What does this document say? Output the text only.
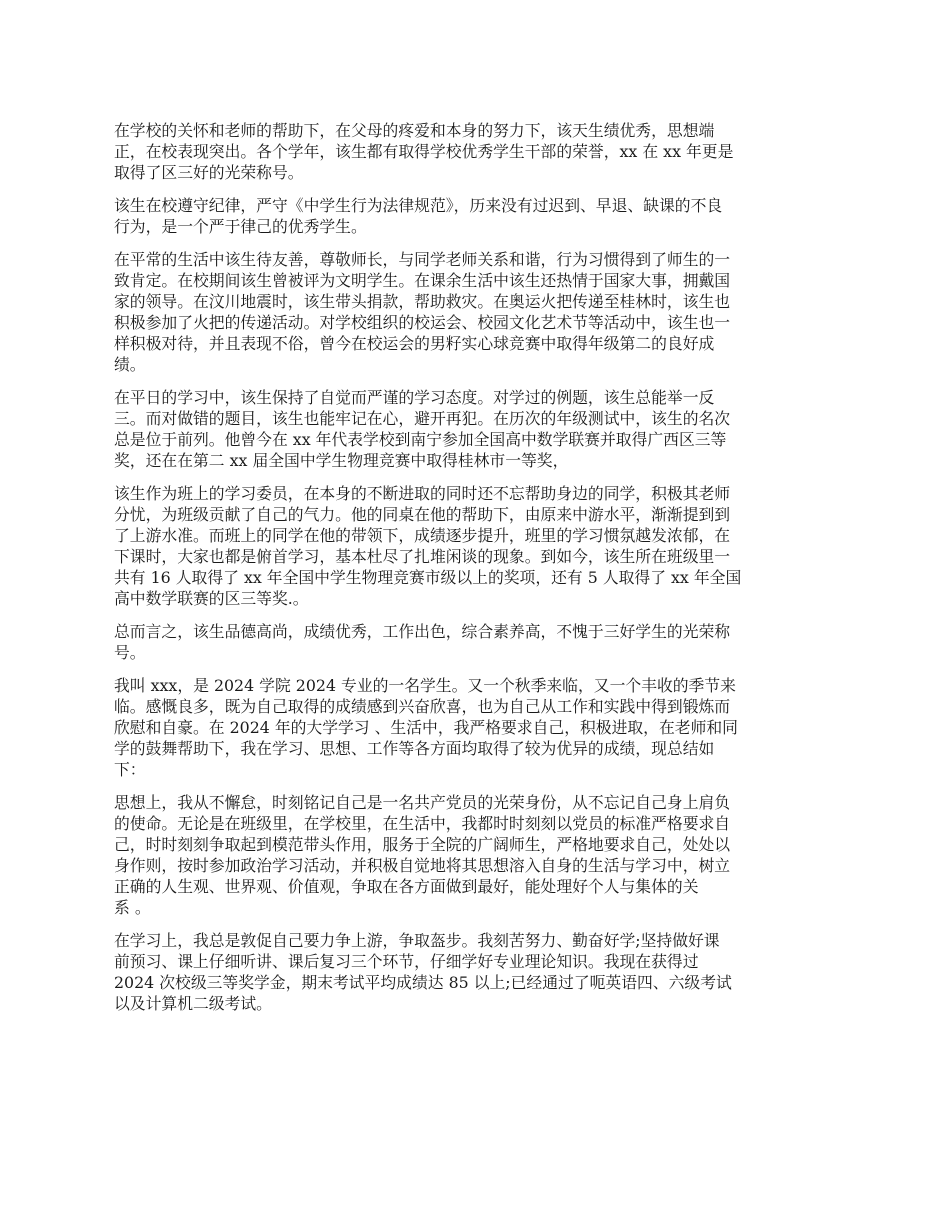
在学校的关怀和老师的帮助下，在父母的疼爱和本身的努力下，该天生绩优秀，思想端
正，在校表现突出。各个学年，该生都有取得学校优秀学生干部的荣誉，xx 在 xx 年更是
取得了区三好的光荣称号。

该生在校遵守纪律，严守《中学生行为法律规范》，历来没有过迟到、早退、缺课的不良
行为，是一个严于律己的优秀学生。

在平常的生活中该生待友善，尊敬师长，与同学老师关系和谐，行为习惯得到了师生的一
致肯定。在校期间该生曾被评为文明学生。在课余生活中该生还热情于国家大事，拥戴国
家的领导。在汶川地震时，该生带头捐款，帮助救灾。在奥运火把传递至桂林时，该生也
积极参加了火把的传递活动。对学校组织的校运会、校园文化艺术节等活动中，该生也一
样积极对待，并且表现不俗，曾今在校运会的男籽实心球竞赛中取得年级第二的良好成
绩。

在平日的学习中，该生保持了自觉而严谨的学习态度。对学过的例题，该生总能举一反
三。而对做错的题目，该生也能牢记在心，避开再犯。在历次的年级测试中，该生的名次
总是位于前列。他曾今在 xx 年代表学校到南宁参加全国高中数学联赛并取得广西区三等
奖，还在在第二 xx 届全国中学生物理竞赛中取得桂林市一等奖，

该生作为班上的学习委员，在本身的不断进取的同时还不忘帮助身边的同学，积极其老师
分忧，为班级贡献了自己的气力。他的同桌在他的帮助下，由原来中游水平，渐渐提到到
了上游水准。而班上的同学在他的带领下，成绩逐步提升，班里的学习惯氛越发浓郁，在
下课时，大家也都是俯首学习，基本杜尽了扎堆闲谈的现象。到如今，该生所在班级里一
共有 16 人取得了 xx 年全国中学生物理竞赛市级以上的奖项，还有 5 人取得了 xx 年全国
高中数学联赛的区三等奖.。

总而言之，该生品德高尚，成绩优秀，工作出色，综合素养高，不愧于三好学生的光荣称
号。

我叫 xxx，是 2024 学院 2024 专业的一名学生。又一个秋季来临，又一个丰收的季节来
临。感慨良多，既为自己取得的成绩感到兴奋欣喜，也为自己从工作和实践中得到锻炼而
欣慰和自豪。在 2024 年的大学学习 、生活中，我严格要求自己，积极进取，在老师和同
学的鼓舞帮助下，我在学习、思想、工作等各方面均取得了较为优异的成绩，现总结如
下：

思想上，我从不懈怠，时刻铭记自己是一名共产党员的光荣身份，从不忘记自己身上肩负
的使命。无论是在班级里，在学校里，在生活中，我都时时刻刻以党员的标准严格要求自
己，时时刻刻争取起到模范带头作用，服务于全院的广阔师生，严格地要求自己，处处以
身作则，按时参加政治学习活动，并积极自觉地将其思想溶入自身的生活与学习中，树立
正确的人生观、世界观、价值观，争取在各方面做到最好，能处理好个人与集体的关
系 。

在学习上，我总是敦促自己要力争上游，争取盔步。我刻苦努力、勤奋好学;坚持做好课
前预习、课上仔细听讲、课后复习三个环节，仔细学好专业理论知识。我现在获得过
2024 次校级三等奖学金，期末考试平均成绩达 85 以上;已经通过了呃英语四、六级考试
以及计算机二级考试。
